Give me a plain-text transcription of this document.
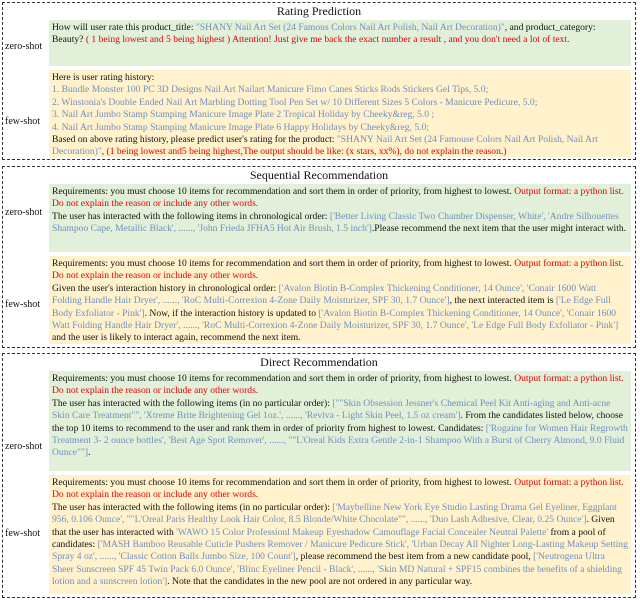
Rating Prediction
zero-shot

How will user rate this product_title: "SHANY Nail Art Set (24 Famous Colors Nail Art Polish, Nail Art Decoration)", and product_category: Beauty? ( 1 being lowest and 5 being highest ) Attention! Just give me back the exact number a result , and you don't need a lot of text.

few-shot

Here is user rating history:

1. Bundle Monster 100 PC 3D Designs Nail Art Nailart Manicure Fimo Canes Sticks Rods Stickers Gel Tips, 5.0;

2. Winstonia's Double Ended Nail Art Marbling Dotting Tool Pen Set w/ 10 Different Sizes 5 Colors - Manicure Pedicure, 5.0;

3. Nail Art Jumbo Stamp Stamping Manicure Image Plate 2 Tropical Holiday by Cheeky&reg, 5.0 ;

4. Nail Art Jumbo Stamp Stamping Manicure Image Plate 6 Happy Holidays by Cheeky&reg, 5.0;

Based on above rating history, please predict user's rating for the product: "SHANY Nail Art Set (24 Famouse Colors Nail Art Polish, Nail Art Decoration)", (1 being lowest and5 being highest,The output should be like: (x stars, xx%), do not explain the reason.)

Sequential Recommendation
zero-shot

Requirements: you must choose 10 items for recommendation and sort them in order of priority, from highest to lowest. Output format: a python list. Do not explain the reason or include any other words.

The user has interacted with the following items in chronological order: ['Better Living Classic Two Chamber Dispenser, White', 'Andre Silhouettes Shampoo Cape, Metallic Black', ......, 'John Frieda JFHA5 Hot Air Brush, 1.5 inch'].Please recommend the next item that the user might interact with.

few-shot

Requirements: you must choose 10 items for recommendation and sort them in order of priority, from highest to lowest. Output format: a python list. Do not explain the reason or include any other words.

Given the user's interaction history in chronological order: ['Avalon Biotin B-Complex Thickening Conditioner, 14 Ounce', 'Conair 1600 Watt Folding Handle Hair Dryer', ......, 'RoC Multi-Correxion 4-Zone Daily Moisturizer, SPF 30, 1.7 Ounce'], the next interacted item is ['Le Edge Full Body Exfoliator - Pink']. Now, if the interaction history is updated to ['Avalon Biotin B-Complex Thickening Conditioner, 14 Ounce', 'Conair 1600 Watt Folding Handle Hair Dryer', ......, 'RoC Multi-Correxion 4-Zone Daily Moisturizer, SPF 30, 1.7 Ounce', 'Le Edge Full Body Exfoliator - Pink'] and the user is likely to interact again, recommend the next item.

Direct Recommendation
zero-shot

Requirements: you must choose 10 items for recommendation and sort them in order of priority, from highest to lowest. Output format: a python list. Do not explain the reason or include any other words.

The user has interacted with the following items (in no particular order): [""Skin Obsession Jessner's Chemical Peel Kit Anti-aging and Anti-acne Skin Care Treatment"", 'Xtreme Brite Brightening Gel 1oz.', ......, 'Reviva - Light Skin Peel, 1.5 oz cream']. From the candidates listed below, choose the top 10 items to recommend to the user and rank them in order of priority from highest to lowest. Candidates: ['Rogaine for Women Hair Regrowth Treatment 3- 2 ounce bottles', 'Best Age Spot Remover', ......, ""L'Oreal Kids Extra Gentle 2-in-1 Shampoo With a Burst of Cherry Almond, 9.0 Fluid Ounce""].

few-shot

Requirements: you must choose 10 items for recommendation and sort them in order of priority, from highest to lowest. Output format: a python list. Do not explain the reason or include any other words.

The user has interacted with the following items (in no particular order): ['Maybelline New York Eye Studio Lasting Drama Gel Eyeliner, Eggplant 956, 0.106 Ounce', ""L'Oreal Paris Healthy Look Hair Color, 8.5 Blonde/White Chocolate"", ......, 'Duo Lash Adhesive, Clear, 0.25 Ounce']. Given that the user has interacted with 'WAWO 15 Color Professionl Makeup Eyeshadow Camouflage Facial Concealer Neutral Palette' from a pool of candidates: ['MASH Bamboo Reusable Cuticle Pushers Remover / Manicure Pedicure Stick', 'Urban Decay All Nighter Long-Lasting Makeup Setting Spray 4 oz', ......, 'Classic Cotton Balls Jumbo Size, 100 Count'], please recommend the best item from a new candidate pool, ['Neutrogena Ultra Sheer Sunscreen SPF 45 Twin Pack 6.0 Ounce', 'Blinc Eyeliner Pencil - Black', ......, 'Skin MD Natural + SPF15 combines the benefits of a shielding lotion and a sunscreen lotion']. Note that the candidates in the new pool are not ordered in any particular way.
